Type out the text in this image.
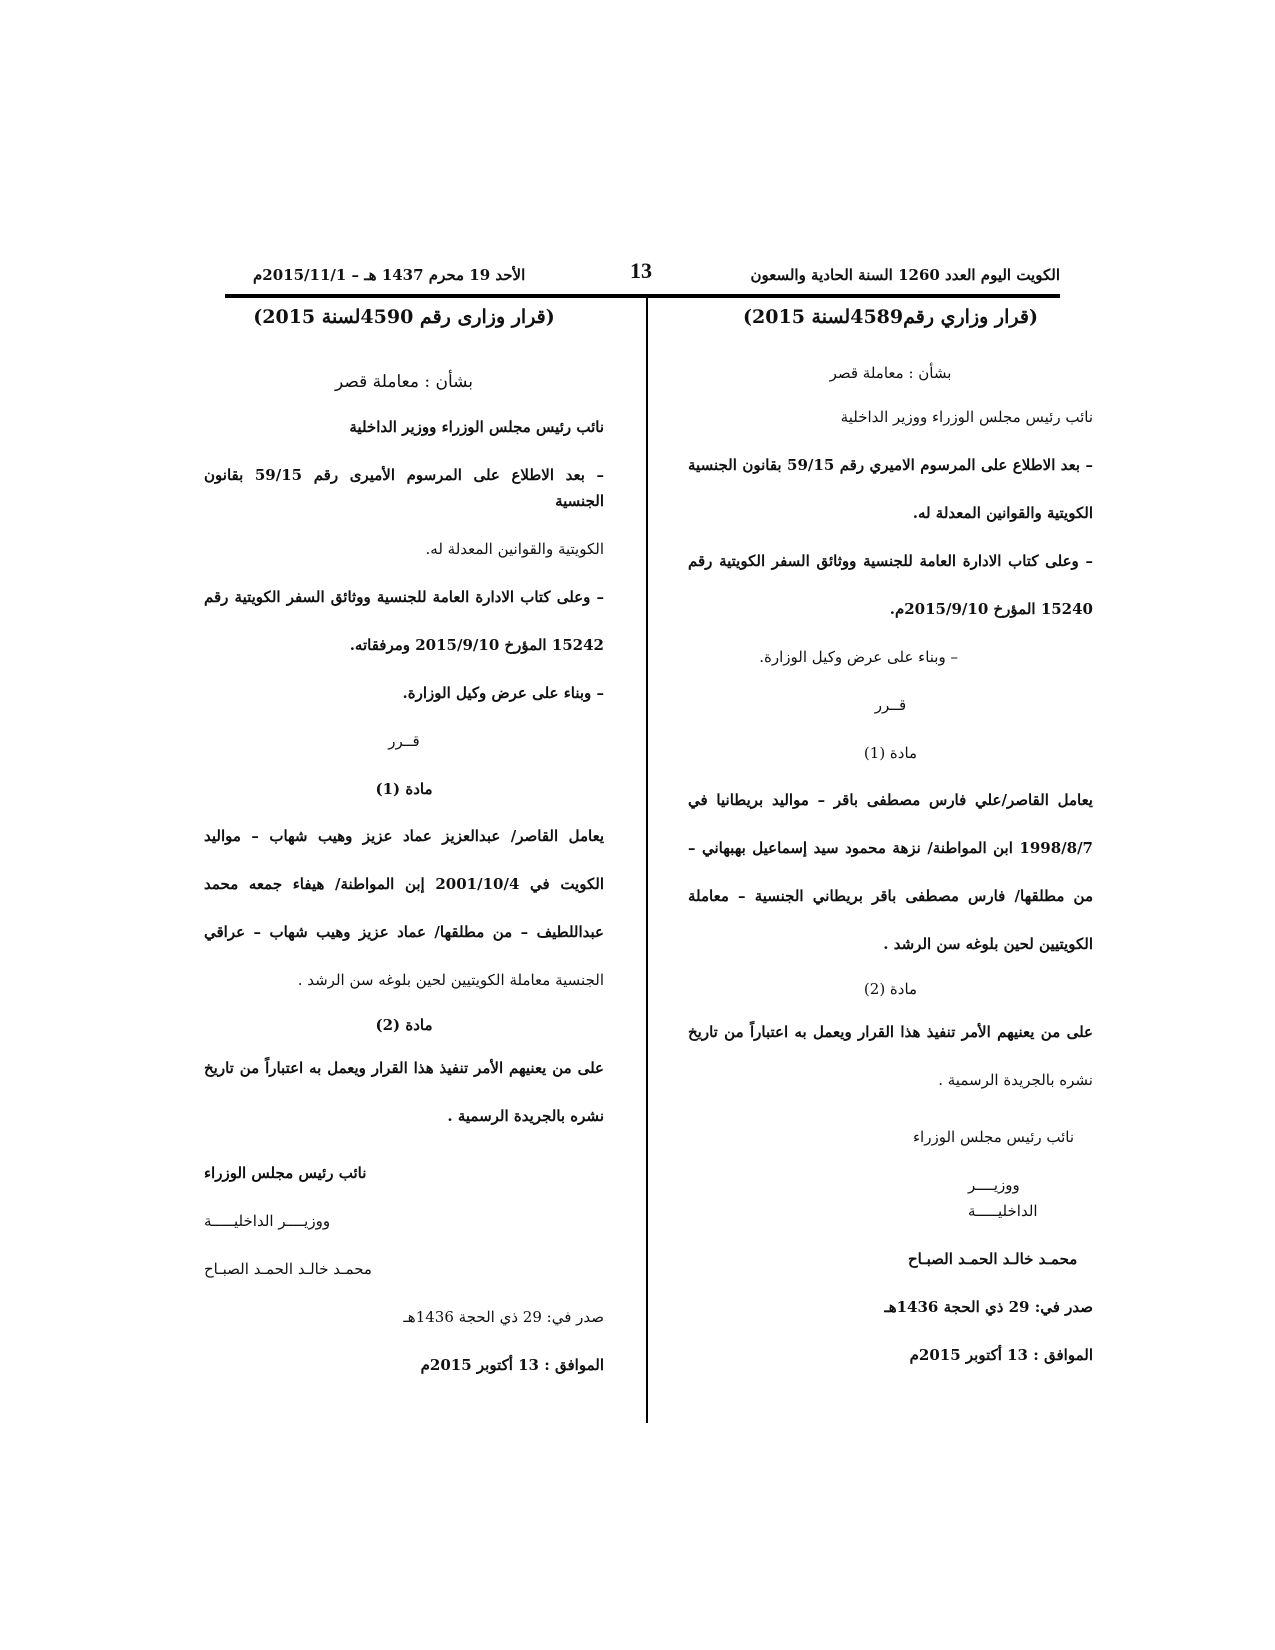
الكويت اليوم العدد 1260 السنة الحادية والسعون
13
الأحد 19 محرم 1437 هـ – 2015/11/1م
(قرار وزاري رقم4589لسنة 2015)
بشأن : معاملة قصر
نائب رئيس مجلس الوزراء ووزير الداخلية
– بعد الاطلاع على المرسوم الاميري رقم 59/15 بقانون الجنسية
الكويتية والقوانين المعدلة له.
– وعلى كتاب الادارة العامة للجنسية ووثائق السفر الكويتية رقم
15240 المؤرخ 2015/9/10م.
– وبناء على عرض وكيل الوزارة.
قــرر
مادة (1)

يعامل القاصر/علي فارس مصطفى باقر – مواليد بريطانيا في

1998/8/7 ابن المواطنة/ نزهة محمود سيد إسماعيل بهبهاني –

من مطلقها/ فارس مصطفى باقر بريطاني الجنسية – معاملة

الكويتيين لحين بلوغه سن الرشد .

مادة (2)

على من يعنيهم الأمر تنفيذ هذا القرار ويعمل به اعتباراً من تاريخ

نشره بالجريدة الرسمية .

نائب رئيس مجلس الوزراء
ووزيــــر الداخليـــــة
محمـد خالـد الحمـد الصبـاح
صدر في: 29 ذي الحجة 1436هـ
الموافق : 13 أكتوبر 2015م
(قرار وزارى رقم 4590لسنة 2015)
بشأن : معاملة قصر
نائب رئيس مجلس الوزراء ووزير الداخلية
– بعد الاطلاع على المرسوم الأميرى رقم 59/15 بقانون الجنسية
الكويتية والقوانين المعدلة له.
– وعلى كتاب الادارة العامة للجنسية ووثائق السفر الكويتية رقم
15242 المؤرخ 2015/9/10 ومرفقاته.
– وبناء على عرض وكيل الوزارة.
قــرر
مادة (1)

يعامل القاصر/ عبدالعزيز عماد عزيز وهيب شهاب – مواليد

الكويت في 2001/10/4 إبن المواطنة/ هيفاء جمعه محمد

عبداللطيف – من مطلقها/ عماد عزيز وهيب شهاب – عراقي

الجنسية معاملة الكويتيين لحين بلوغه سن الرشد .

مادة (2)

على من يعنيهم الأمر تنفيذ هذا القرار ويعمل به اعتباراً من تاريخ

نشره بالجريدة الرسمية .

نائب رئيس مجلس الوزراء
ووزيــــر الداخليـــــة
محمـد خالـد الحمـد الصبـاح
صدر في: 29 ذي الحجة 1436هـ
الموافق : 13 أكتوبر 2015م
